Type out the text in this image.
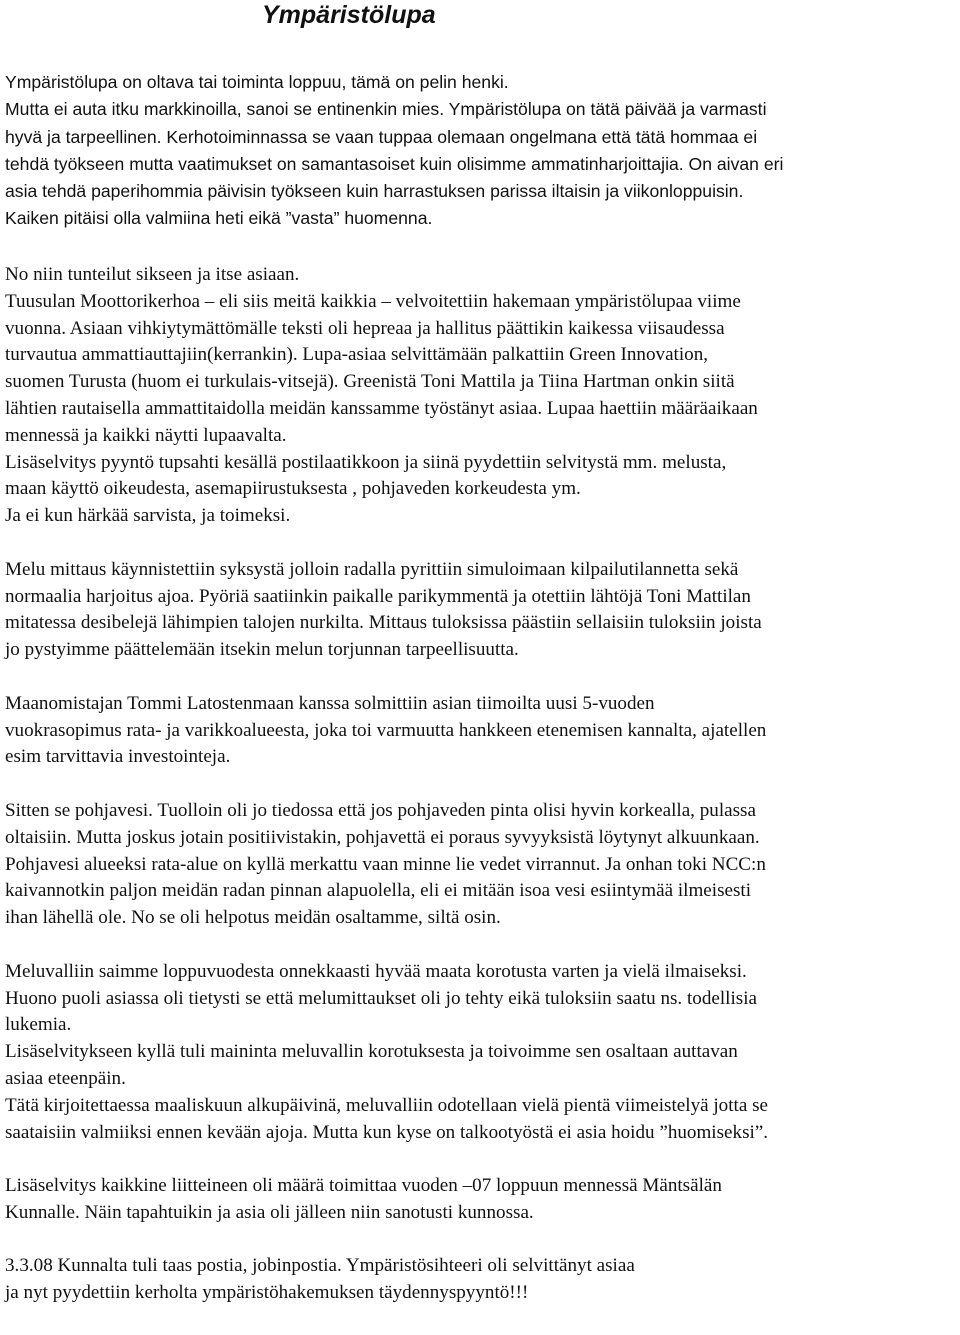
Ympäristölupa
Ympäristölupa on oltava tai toiminta loppuu, tämä on pelin henki.
Mutta ei auta itku markkinoilla, sanoi se entinenkin mies. Ympäristölupa on tätä päivää ja varmasti
hyvä ja tarpeellinen. Kerhotoiminnassa se vaan tuppaa olemaan ongelmana että tätä hommaa ei
tehdä työkseen mutta vaatimukset on samantasoiset kuin olisimme ammatinharjoittajia. On aivan eri
asia tehdä paperihommia päivisin työkseen kuin harrastuksen parissa iltaisin ja viikonloppuisin.
Kaiken pitäisi olla valmiina heti eikä ”vasta” huomenna.
No niin tunteilut sikseen ja itse asiaan.
Tuusulan Moottorikerhoa – eli siis meitä kaikkia – velvoitettiin hakemaan ympäristölupaa viime
vuonna. Asiaan vihkiytymättömälle teksti oli hepreaa ja hallitus päättikin kaikessa viisaudessa
turvautua ammattiauttajiin(kerrankin). Lupa-asiaa selvittämään palkattiin Green Innovation,
suomen Turusta (huom ei turkulais-vitsejä). Greenistä Toni Mattila ja Tiina Hartman onkin siitä
lähtien rautaisella ammattitaidolla meidän kanssamme työstänyt asiaa. Lupaa haettiin määräaikaan
mennessä ja kaikki näytti lupaavalta.
Lisäselvitys pyyntö tupsahti kesällä postilaatikkoon ja siinä pyydettiin selvitystä mm. melusta,
maan käyttö oikeudesta, asemapiirustuksesta , pohjaveden korkeudesta ym.
Ja ei kun härkää sarvista, ja toimeksi.
Melu mittaus käynnistettiin syksystä jolloin radalla pyrittiin simuloimaan kilpailutilannetta sekä
normaalia harjoitus ajoa. Pyöriä saatiinkin paikalle parikymmentä ja otettiin lähtöjä Toni Mattilan
mitatessa desibelejä lähimpien talojen nurkilta. Mittaus tuloksissa päästiin sellaisiin tuloksiin joista
jo pystyimme päättelemään itsekin melun torjunnan tarpeellisuutta.
Maanomistajan Tommi Latostenmaan kanssa solmittiin asian tiimoilta uusi 5-vuoden
vuokrasopimus rata- ja varikkoalueesta, joka toi varmuutta hankkeen etenemisen kannalta, ajatellen
esim tarvittavia investointeja.
Sitten se pohjavesi. Tuolloin oli jo tiedossa että jos pohjaveden pinta olisi hyvin korkealla, pulassa
oltaisiin. Mutta joskus jotain positiivistakin, pohjavettä ei poraus syvyyksistä löytynyt alkuunkaan.
Pohjavesi alueeksi rata-alue on kyllä merkattu vaan minne lie vedet virrannut. Ja onhan toki NCC:n
kaivannotkin paljon meidän radan pinnan alapuolella, eli ei mitään isoa vesi esiintymää ilmeisesti
ihan lähellä ole. No se oli helpotus meidän osaltamme, siltä osin.
Meluvalliin saimme loppuvuodesta onnekkaasti hyvää maata korotusta varten ja vielä ilmaiseksi.
Huono puoli asiassa oli tietysti se että melumittaukset oli jo tehty eikä tuloksiin saatu ns. todellisia
lukemia.
Lisäselvitykseen kyllä tuli maininta meluvallin korotuksesta ja toivoimme sen osaltaan auttavan
asiaa eteenpäin.
Tätä kirjoitettaessa maaliskuun alkupäivinä, meluvalliin odotellaan vielä pientä viimeistelyä jotta se
saataisiin valmiiksi ennen kevään ajoja. Mutta kun kyse on talkootyöstä ei asia hoidu ”huomiseksi”.
Lisäselvitys kaikkine liitteineen oli määrä toimittaa vuoden –07 loppuun mennessä Mäntsälän
Kunnalle. Näin tapahtuikin ja asia oli jälleen niin sanotusti kunnossa.
3.3.08 Kunnalta tuli taas postia, jobinpostia. Ympäristösihteeri oli selvittänyt asiaa
ja nyt pyydettiin kerholta ympäristöhakemuksen täydennyspyyntö!!!
